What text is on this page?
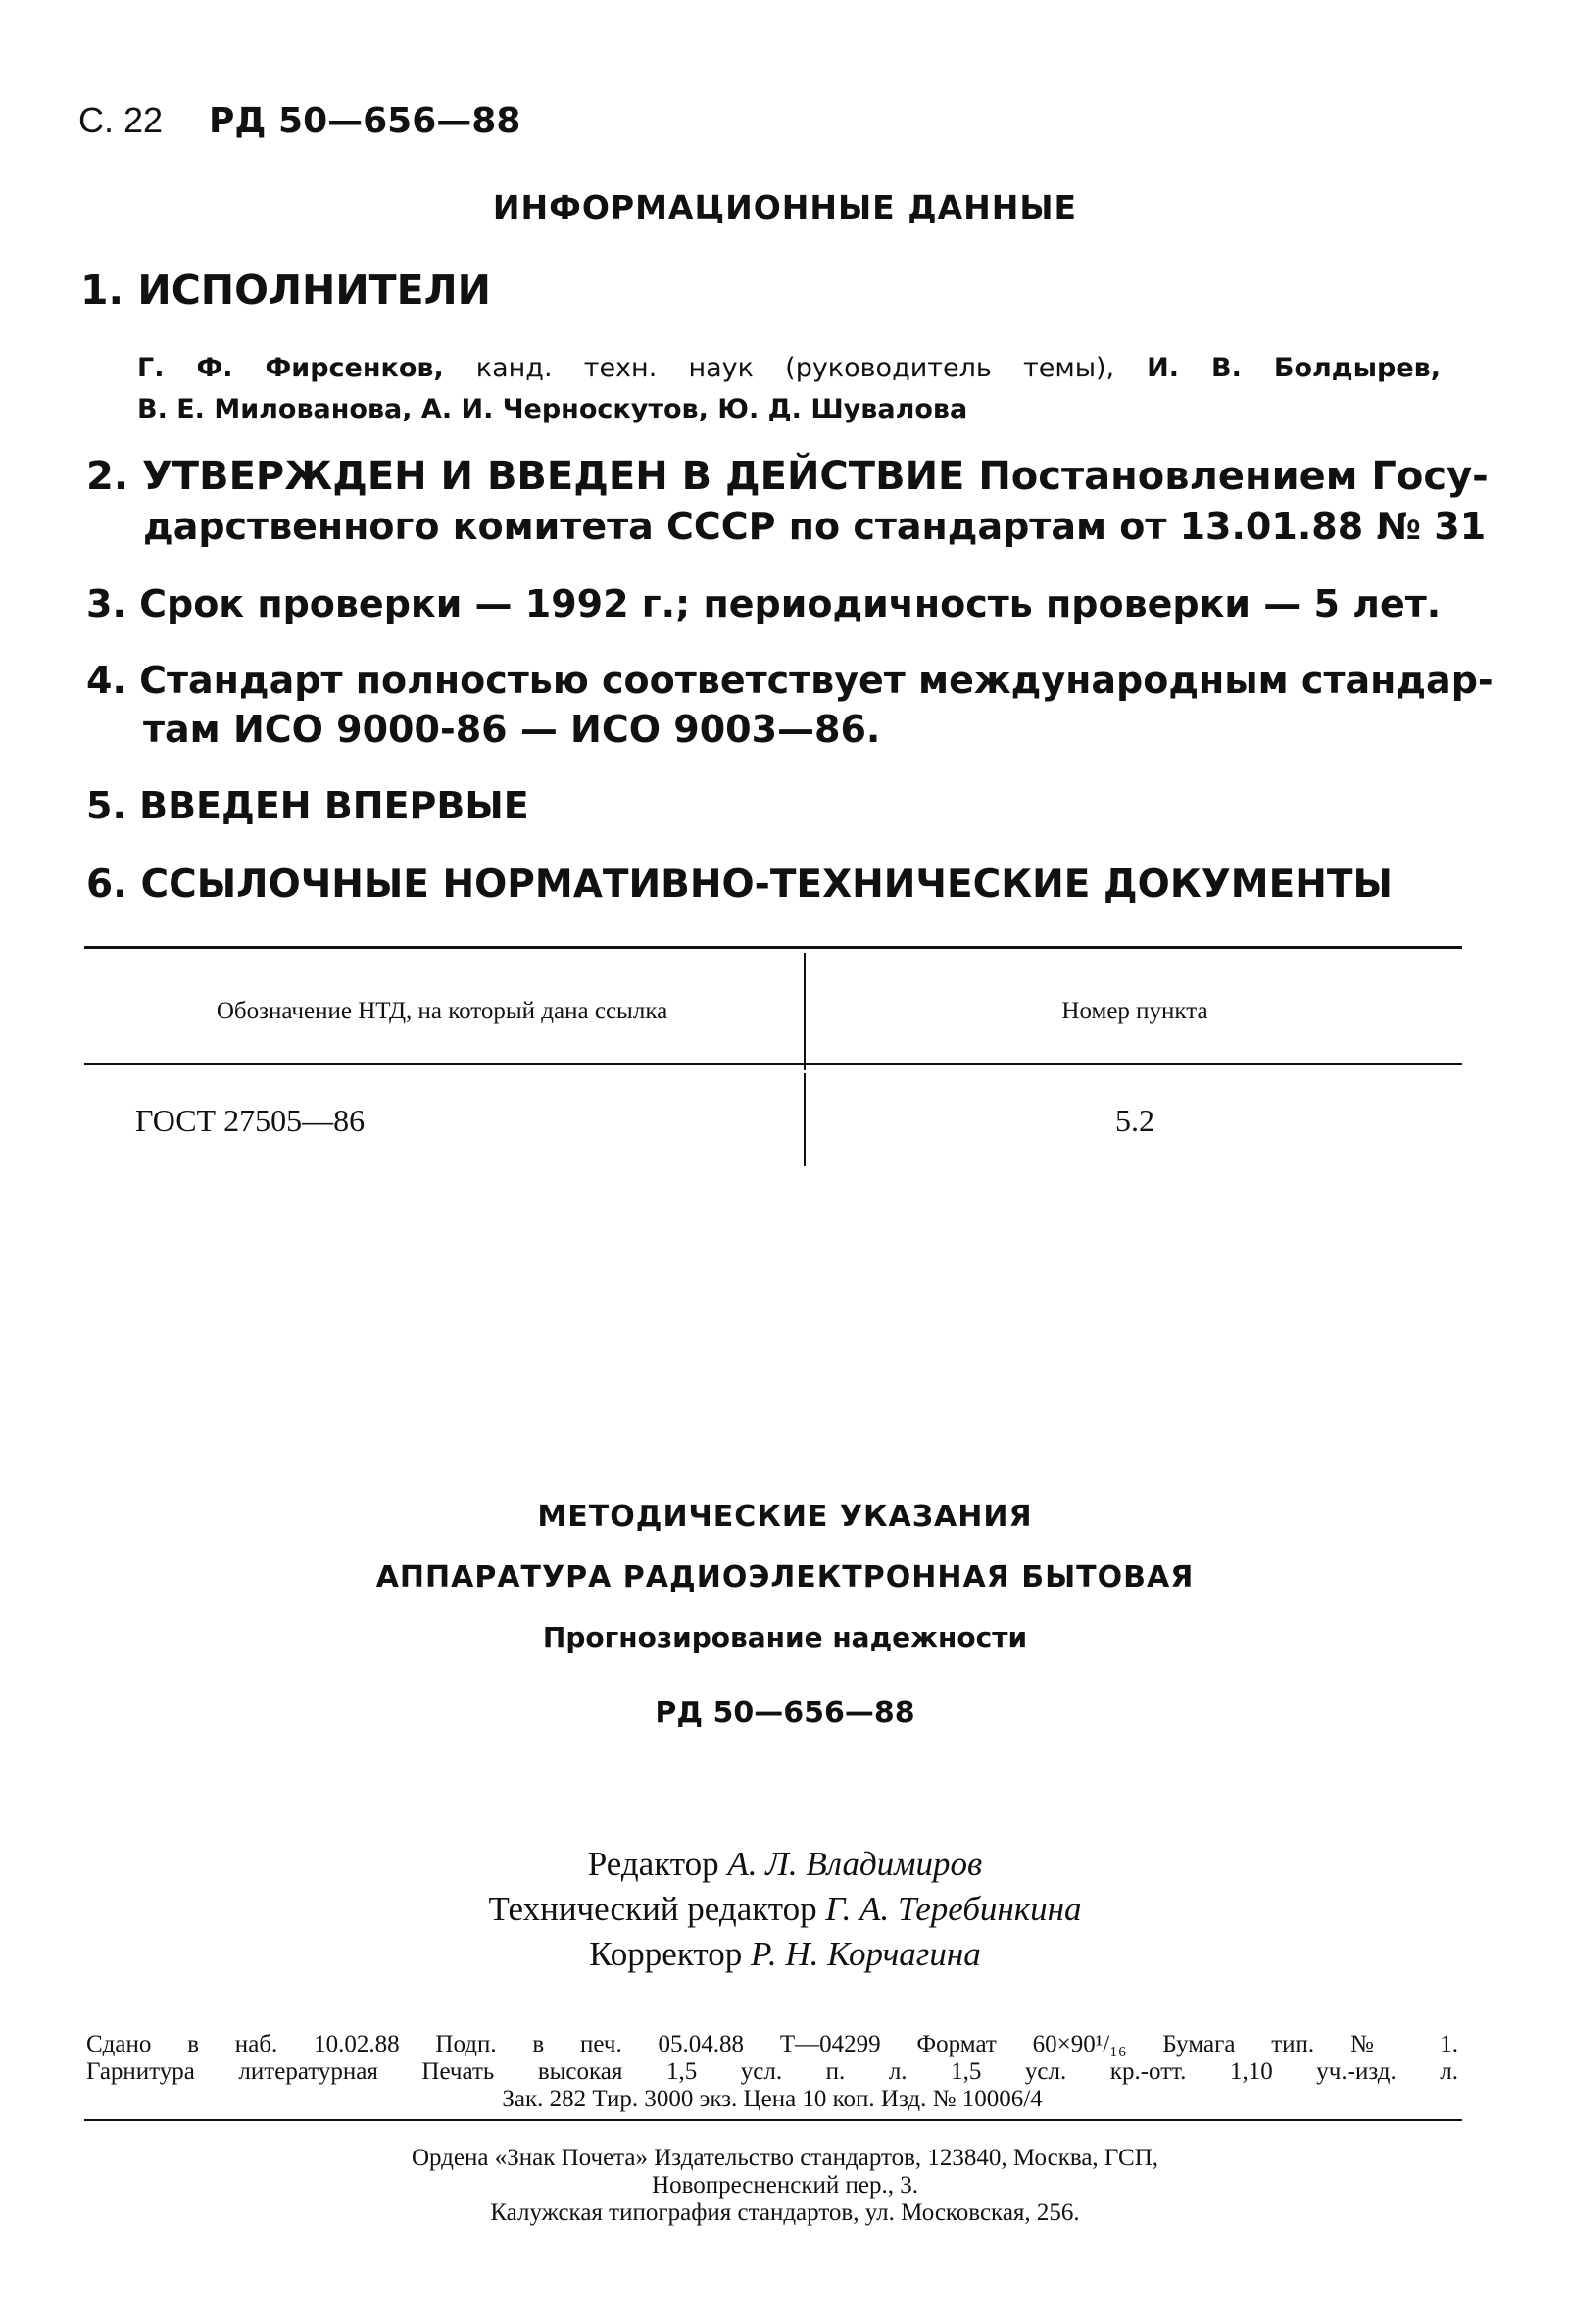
С. 22 РД 50—656—88
ИНФОРМАЦИОННЫЕ ДАННЫЕ
1. ИСПОЛНИТЕЛИ
Г. Ф. Фирсенков, канд. техн. наук (руководитель темы), И. В. Болдырев,
В. Е. Милованова, А. И. Черноскутов, Ю. Д. Шувалова
2. УТВЕРЖДЕН И ВВЕДЕН В ДЕЙСТВИЕ Постановлением Госу-
дарственного комитета СССР по стандартам от 13.01.88 № 31
3. Срок проверки — 1992 г.; периодичность проверки — 5 лет.
4. Стандарт полностью соответствует международным стандар-
там ИСО 9000-86 — ИСО 9003—86.
5. ВВЕДЕН ВПЕРВЫЕ
6. ССЫЛОЧНЫЕ НОРМАТИВНО-ТЕХНИЧЕСКИЕ ДОКУМЕНТЫ
Обозначение НТД, на который дана ссылка	Номер пункта
ГОСТ 27505—86	5.2
МЕТОДИЧЕСКИЕ УКАЗАНИЯ
АППАРАТУРА РАДИОЭЛЕКТРОННАЯ БЫТОВАЯ
Прогнозирование надежности
РД 50—656—88
Редактор А. Л. Владимиров
Технический редактор Г. А. Теребинкина
Корректор Р. Н. Корчагина
Сдано в наб. 10.02.88 Подп. в печ. 05.04.88 Т—04299 Формат 60×90¹/₁₆ Бумага тип. № 1.
Гарнитура литературная Печать высокая 1,5 усл. п. л. 1,5 усл. кр.-отт. 1,10 уч.-изд. л.
Зак. 282 Тир. 3000 экз. Цена 10 коп. Изд. № 10006/4
Ордена «Знак Почета» Издательство стандартов, 123840, Москва, ГСП,
Новопресненский пер., 3.
Калужская типография стандартов, ул. Московская, 256.
